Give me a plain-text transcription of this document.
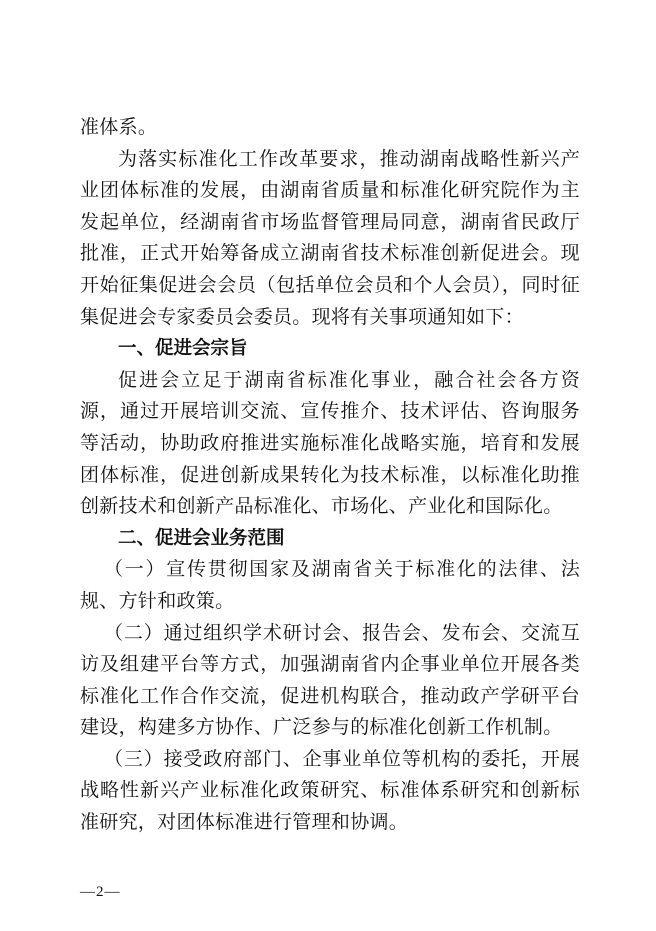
准体系。

为落实标准化工作改革要求，推动湖南战略性新兴产业团体标准的发展，由湖南省质量和标准化研究院作为主发起单位，经湖南省市场监督管理局同意，湖南省民政厅批准，正式开始筹备成立湖南省技术标准创新促进会。现开始征集促进会会员（包括单位会员和个人会员），同时征集促进会专家委员会委员。现将有关事项通知如下：

一、促进会宗旨

促进会立足于湖南省标准化事业，融合社会各方资源，通过开展培训交流、宣传推介、技术评估、咨询服务等活动，协助政府推进实施标准化战略实施，培育和发展团体标准，促进创新成果转化为技术标准，以标准化助推创新技术和创新产品标准化、市场化、产业化和国际化。

二、促进会业务范围

（一）宣传贯彻国家及湖南省关于标准化的法律、法规、方针和政策。

（二）通过组织学术研讨会、报告会、发布会、交流互访及组建平台等方式，加强湖南省内企事业单位开展各类标准化工作合作交流，促进机构联合，推动政产学研平台建设，构建多方协作、广泛参与的标准化创新工作机制。

（三）接受政府部门、企事业单位等机构的委托，开展战略性新兴产业标准化政策研究、标准体系研究和创新标准研究，对团体标准进行管理和协调。

—2—
